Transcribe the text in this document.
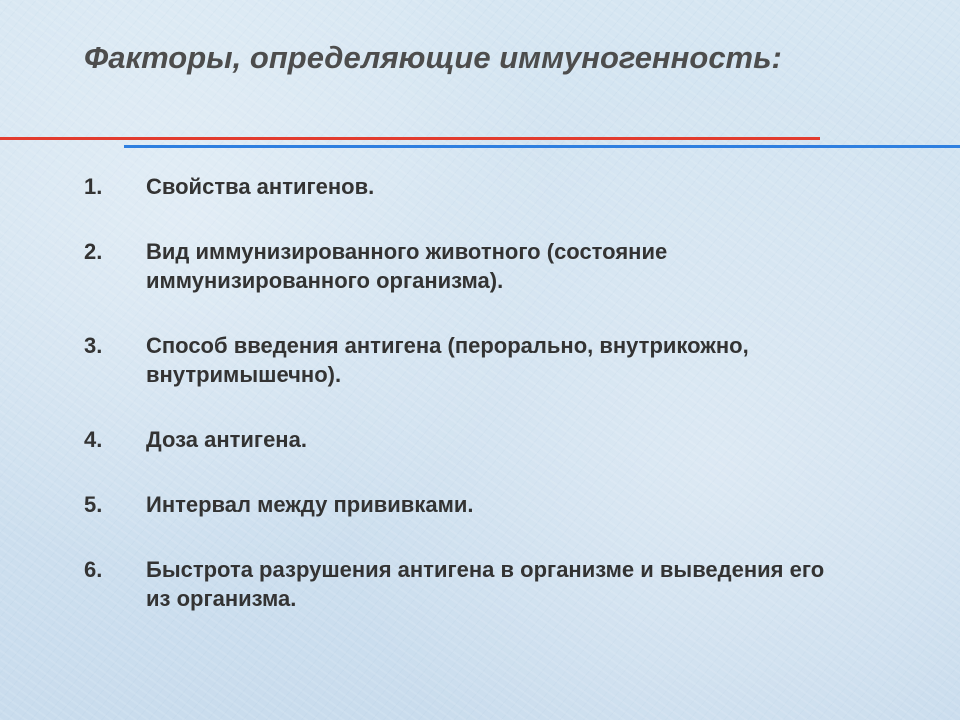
Факторы, определяющие иммуногенность:
1.	Свойства антигенов.
2.	Вид иммунизированного животного (состояние иммунизированного организма).
3.	Способ введения антигена (перорально, внутрикожно, внутримышечно).
4.	Доза антигена.
5.	Интервал между прививками.
6.	Быстрота разрушения антигена в организме и выведения его из организма.
